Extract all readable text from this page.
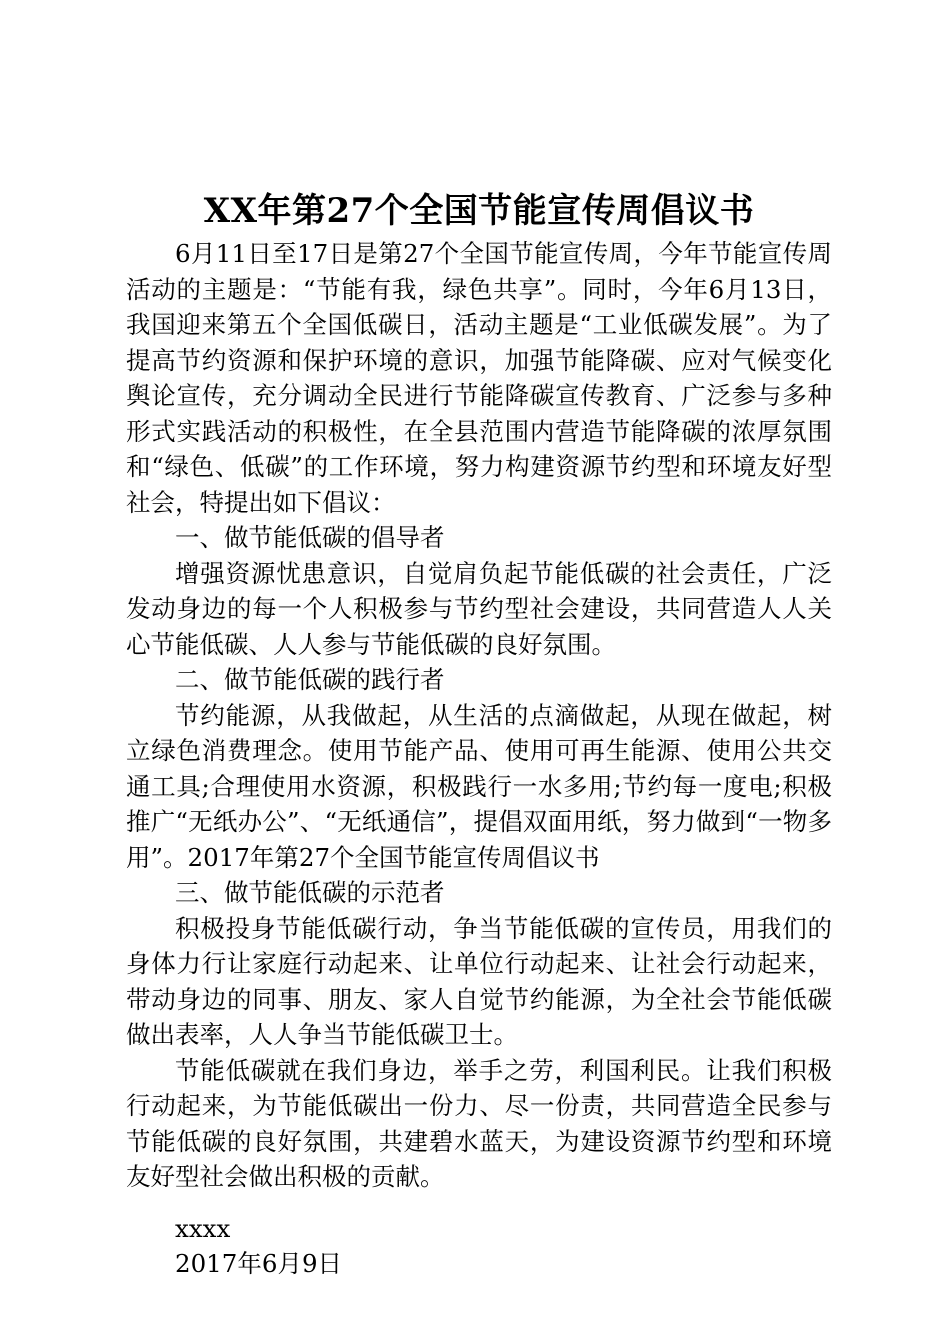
XX年第27个全国节能宣传周倡议书

6月11日至17日是第27个全国节能宣传周，今年节能宣传周活动的主题是：“节能有我，绿色共享”。同时，今年6月13日，我国迎来第五个全国低碳日，活动主题是“工业低碳发展”。为了提高节约资源和保护环境的意识，加强节能降碳、应对气候变化舆论宣传，充分调动全民进行节能降碳宣传教育、广泛参与多种形式实践活动的积极性，在全县范围内营造节能降碳的浓厚氛围和“绿色、低碳”的工作环境，努力构建资源节约型和环境友好型社会，特提出如下倡议：

一、做节能低碳的倡导者

增强资源忧患意识，自觉肩负起节能低碳的社会责任，广泛发动身边的每一个人积极参与节约型社会建设，共同营造人人关心节能低碳、人人参与节能低碳的良好氛围。

二、做节能低碳的践行者

节约能源，从我做起，从生活的点滴做起，从现在做起，树立绿色消费理念。使用节能产品、使用可再生能源、使用公共交通工具;合理使用水资源，积极践行一水多用;节约每一度电;积极推广“无纸办公”、“无纸通信”，提倡双面用纸，努力做到“一物多用”。2017年第27个全国节能宣传周倡议书

三、做节能低碳的示范者

积极投身节能低碳行动，争当节能低碳的宣传员，用我们的身体力行让家庭行动起来、让单位行动起来、让社会行动起来，带动身边的同事、朋友、家人自觉节约能源，为全社会节能低碳做出表率，人人争当节能低碳卫士。

节能低碳就在我们身边，举手之劳，利国利民。让我们积极行动起来，为节能低碳出一份力、尽一份责，共同营造全民参与节能低碳的良好氛围，共建碧水蓝天，为建设资源节约型和环境友好型社会做出积极的贡献。

xxxx

2017年6月9日
